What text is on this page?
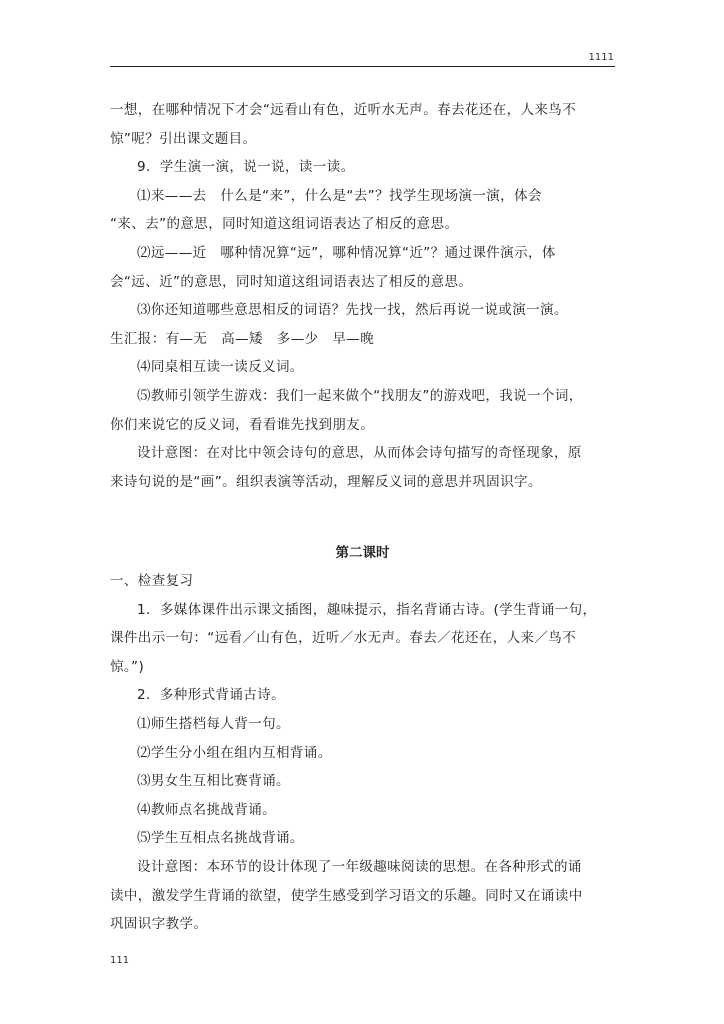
1111

一想，在哪种情况下才会“远看山有色，近听水无声。春去花还在，人来鸟不

惊”呢？引出课文题目。

9．学生演一演，说一说，读一读。

⑴来——去　什么是“来”，什么是“去”？找学生现场演一演，体会

“来、去”的意思，同时知道这组词语表达了相反的意思。

⑵远——近　哪种情况算“远”，哪种情况算“近”？通过课件演示，体

会“远、近”的意思，同时知道这组词语表达了相反的意思。

⑶你还知道哪些意思相反的词语？先找一找，然后再说一说或演一演。

生汇报：有—无　高—矮　多—少　早—晚

⑷同桌相互读一读反义词。

⑸教师引领学生游戏：我们一起来做个“找朋友”的游戏吧，我说一个词，

你们来说它的反义词，看看谁先找到朋友。

设计意图：在对比中领会诗句的意思，从而体会诗句描写的奇怪现象，原

来诗句说的是“画”。组织表演等活动，理解反义词的意思并巩固识字。

第二课时

一、检查复习

1．多媒体课件出示课文插图，趣味提示，指名背诵古诗。(学生背诵一句，

课件出示一句：“远看／山有色，近听／水无声。春去／花还在，人来／鸟不

惊。”)

2．多种形式背诵古诗。

⑴师生搭档每人背一句。

⑵学生分小组在组内互相背诵。

⑶男女生互相比赛背诵。

⑷教师点名挑战背诵。

⑸学生互相点名挑战背诵。

设计意图：本环节的设计体现了一年级趣味阅读的思想。在各种形式的诵

读中，激发学生背诵的欲望，使学生感受到学习语文的乐趣。同时又在诵读中

巩固识字教学。

111
